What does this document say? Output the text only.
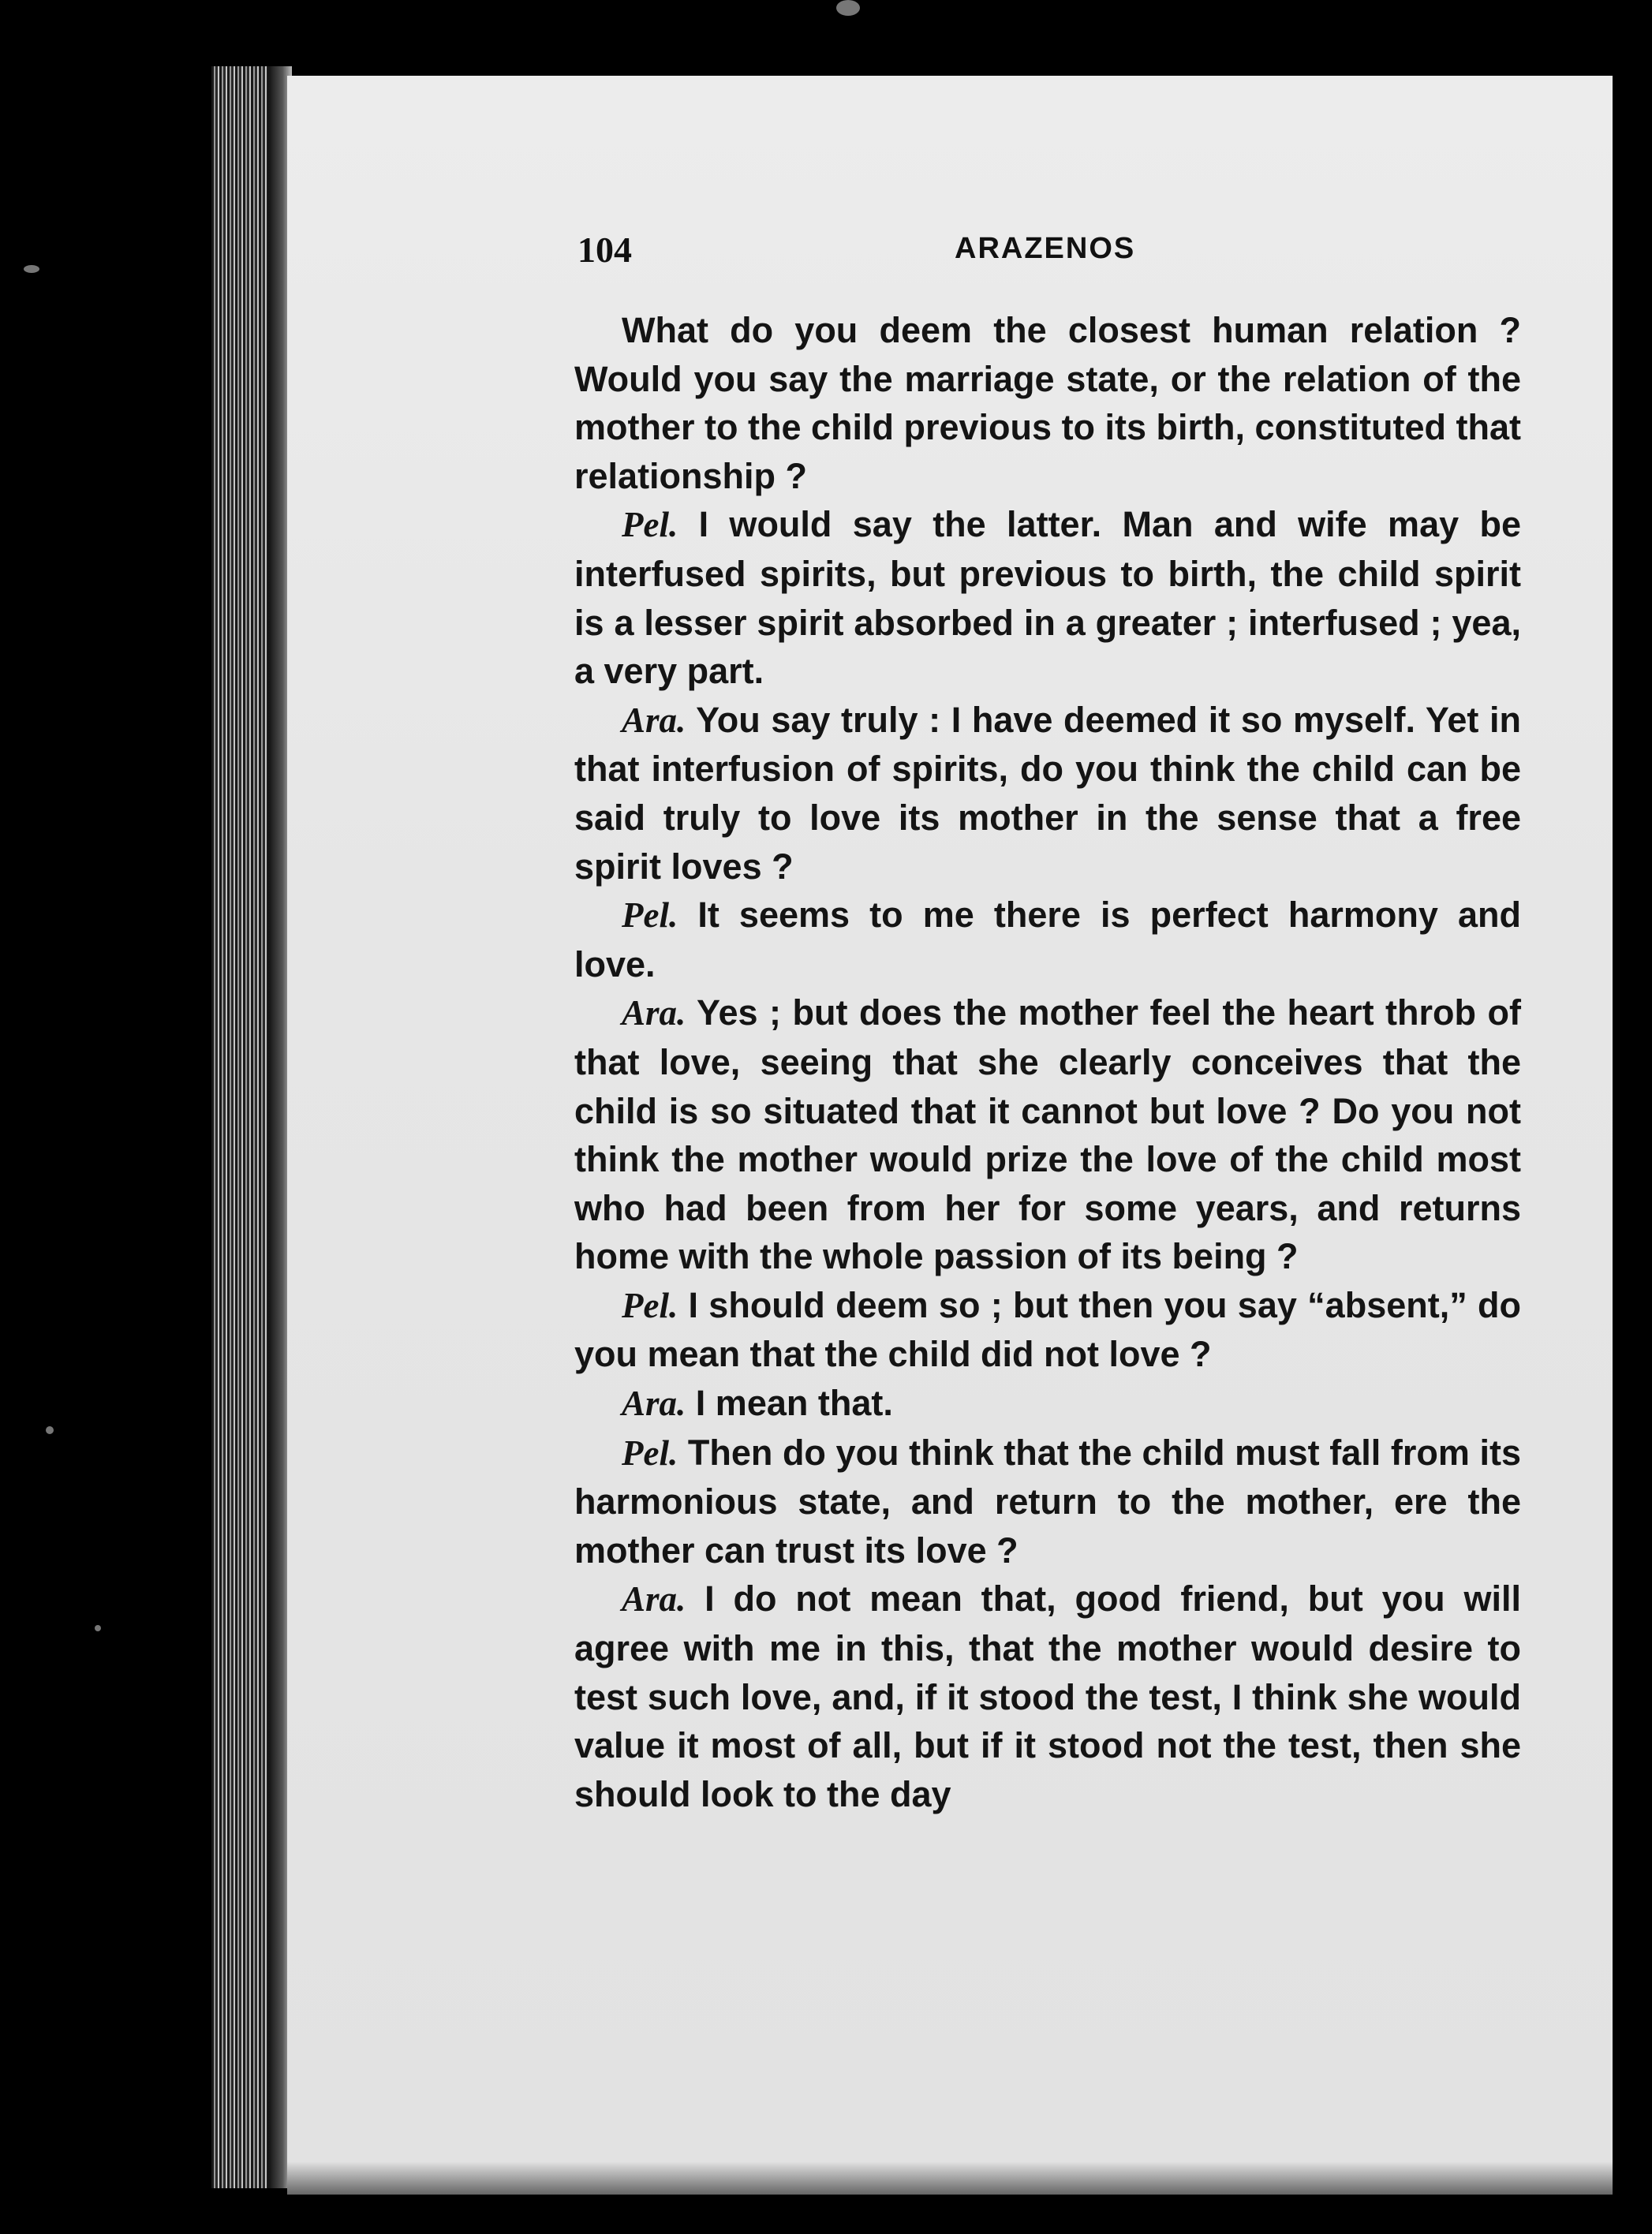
104	ARAZENOS

What do you deem the closest human relation ? Would you say the marriage state, or the relation of the mother to the child previous to its birth, constituted that relationship ?

Pel. I would say the latter. Man and wife may be interfused spirits, but previous to birth, the child spirit is a lesser spirit absorbed in a greater ; interfused ; yea, a very part.

Ara. You say truly : I have deemed it so myself. Yet in that interfusion of spirits, do you think the child can be said truly to love its mother in the sense that a free spirit loves ?

Pel. It seems to me there is perfect harmony and love.

Ara. Yes ; but does the mother feel the heart throb of that love, seeing that she clearly conceives that the child is so situated that it cannot but love ? Do you not think the mother would prize the love of the child most who had been from her for some years, and returns home with the whole passion of its being ?

Pel. I should deem so ; but then you say “absent,” do you mean that the child did not love ?

Ara. I mean that.

Pel. Then do you think that the child must fall from its harmonious state, and return to the mother, ere the mother can trust its love ?

Ara. I do not mean that, good friend, but you will agree with me in this, that the mother would desire to test such love, and, if it stood the test, I think she would value it most of all, but if it stood not the test, then she should look to the day
